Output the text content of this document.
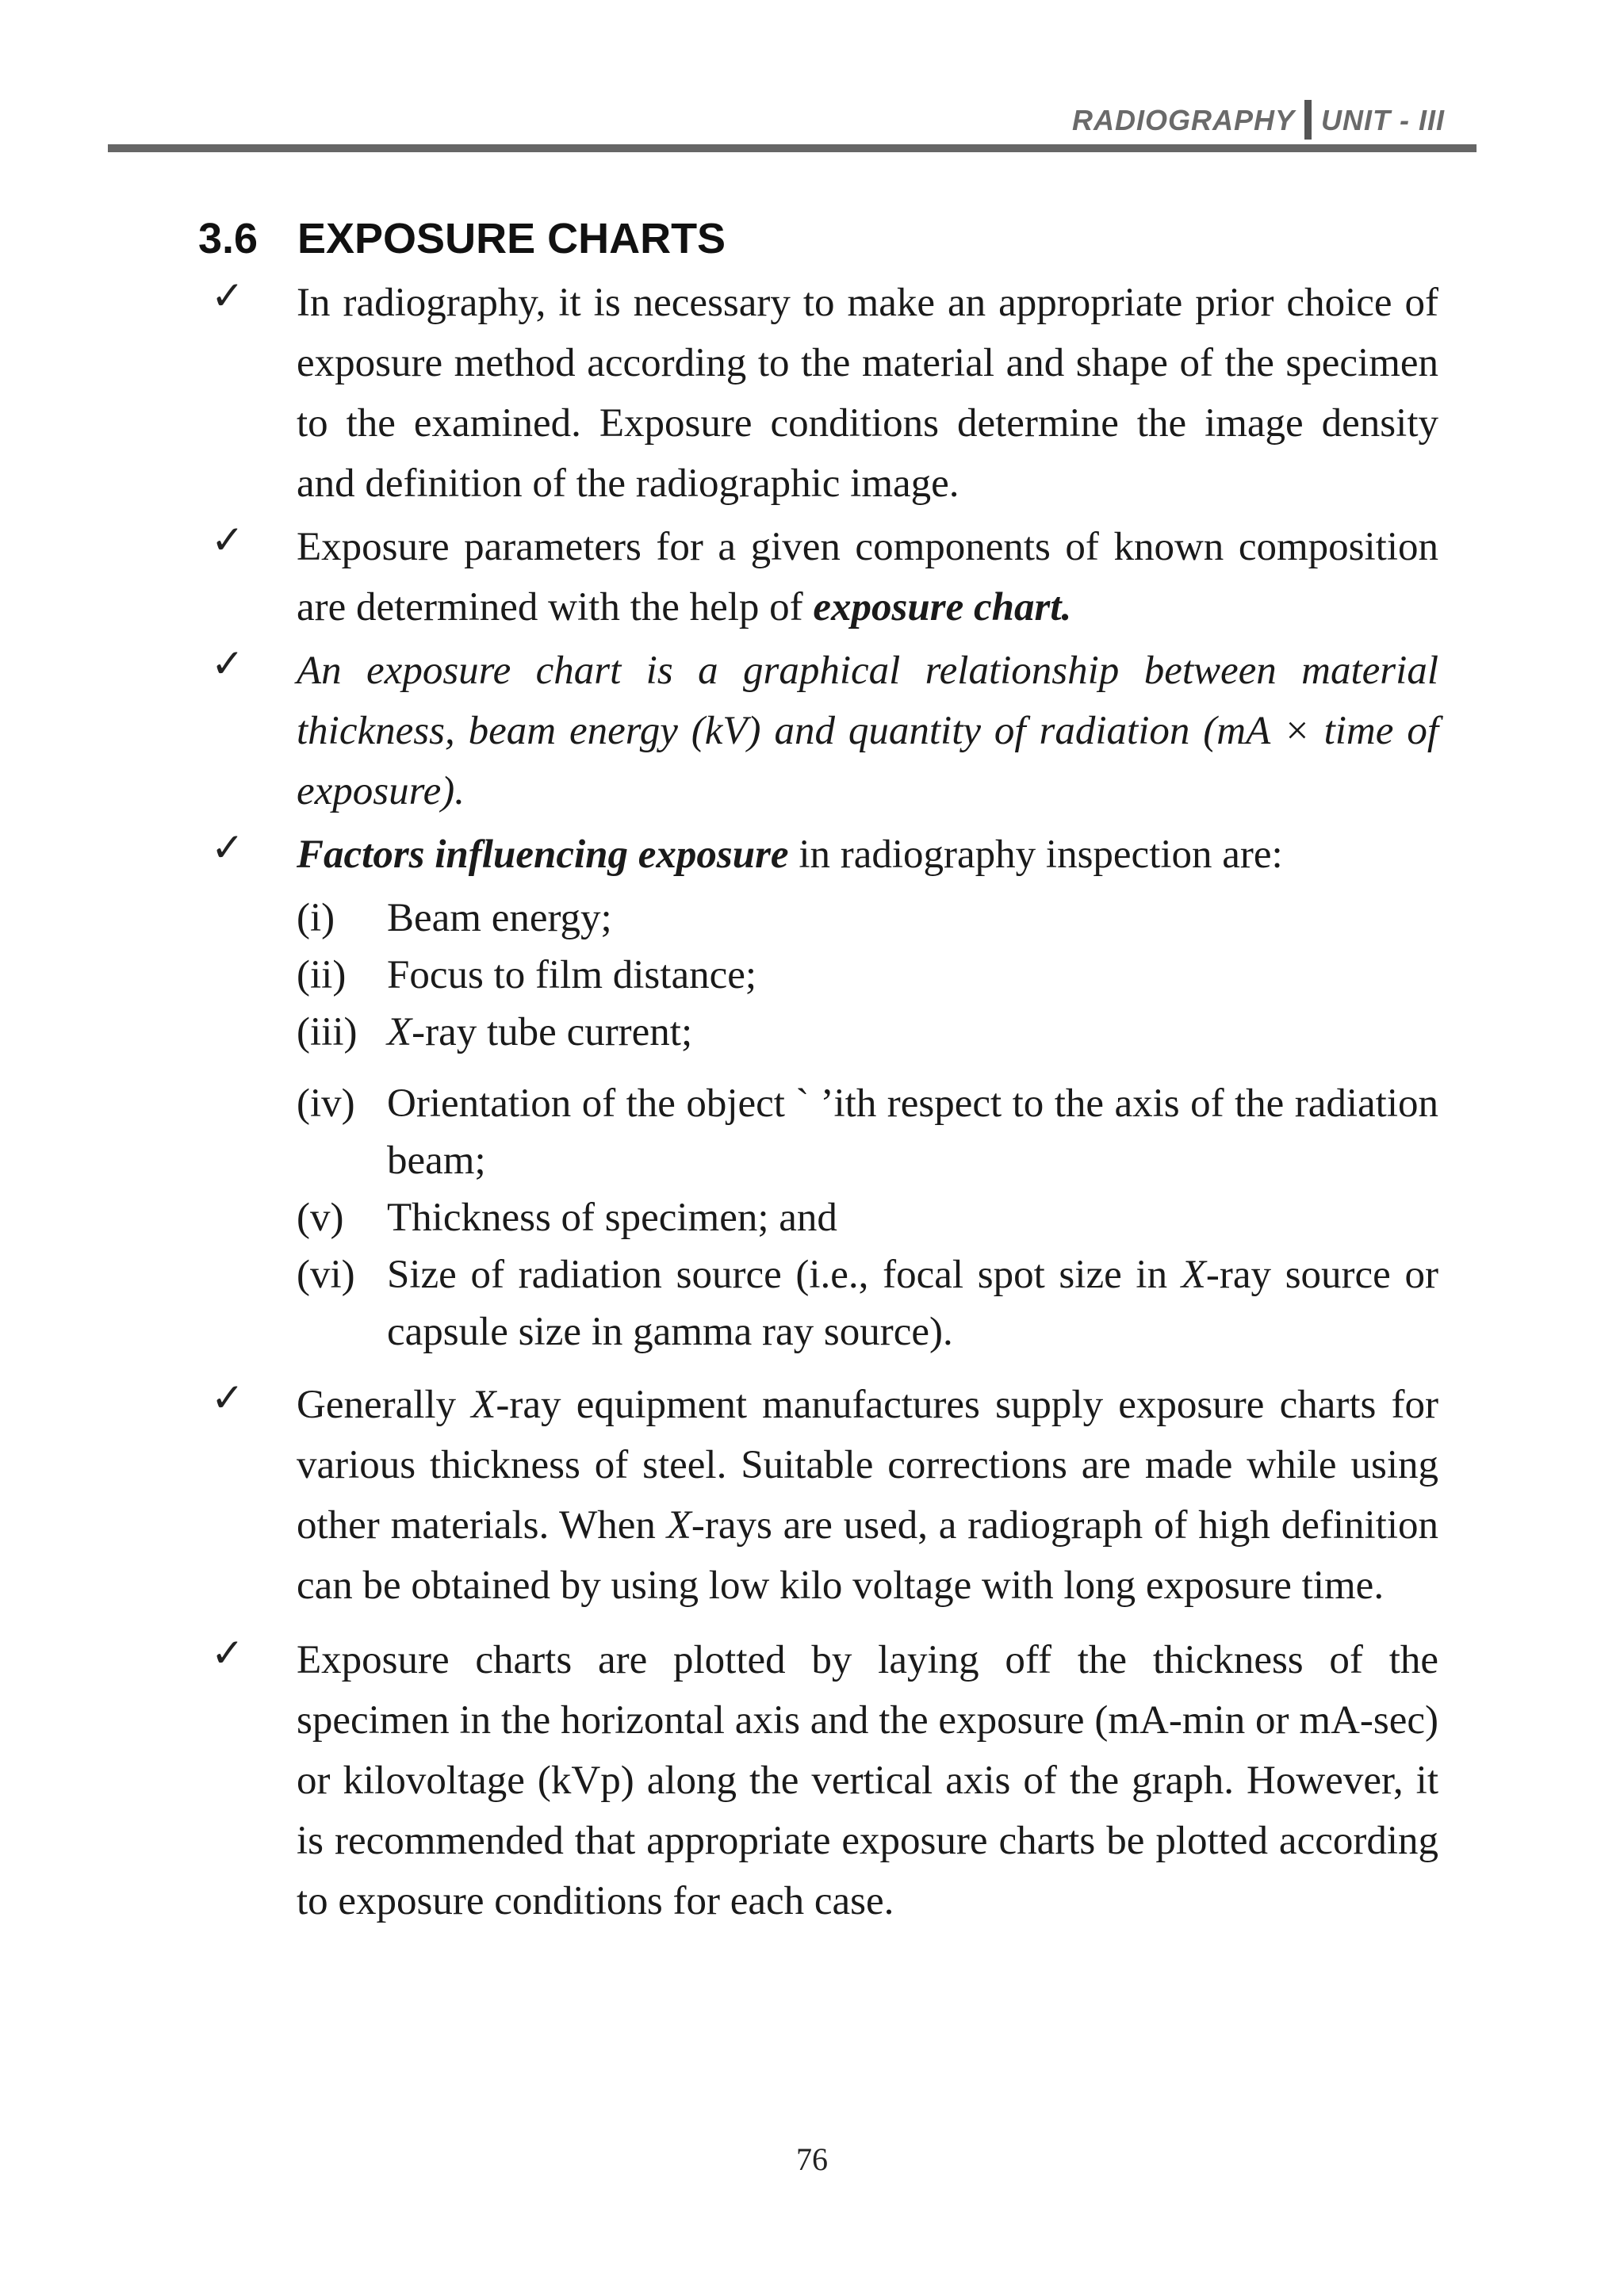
RADIOGRAPHY UNIT - III
3.6 EXPOSURE CHARTS
✓ In radiography, it is necessary to make an appropriate prior choice of exposure method according to the material and shape of the specimen to the examined. Exposure conditions determine the image density and definition of the radiographic image.
✓ Exposure parameters for a given components of known composition are determined with the help of exposure chart.
✓ An exposure chart is a graphical relationship between material thickness, beam energy (kV) and quantity of radiation (mA × time of exposure).
✓ Factors influencing exposure in radiography inspection are:
(i) Beam energy;
(ii) Focus to film distance;
(iii) X-ray tube current;
(iv) Orientation of the object ˋ ʼith respect to the axis of the radiation beam;
(v) Thickness of specimen; and
(vi) Size of radiation source (i.e., focal spot size in X-ray source or capsule size in gamma ray source).
✓ Generally X-ray equipment manufactures supply exposure charts for various thickness of steel. Suitable corrections are made while using other materials. When X-rays are used, a radiograph of high definition can be obtained by using low kilo voltage with long exposure time.
✓ Exposure charts are plotted by laying off the thickness of the specimen in the horizontal axis and the exposure (mA-min or mA-sec) or kilovoltage (kVp) along the vertical axis of the graph. However, it is recommended that appropriate exposure charts be plotted according to exposure conditions for each case.
76
